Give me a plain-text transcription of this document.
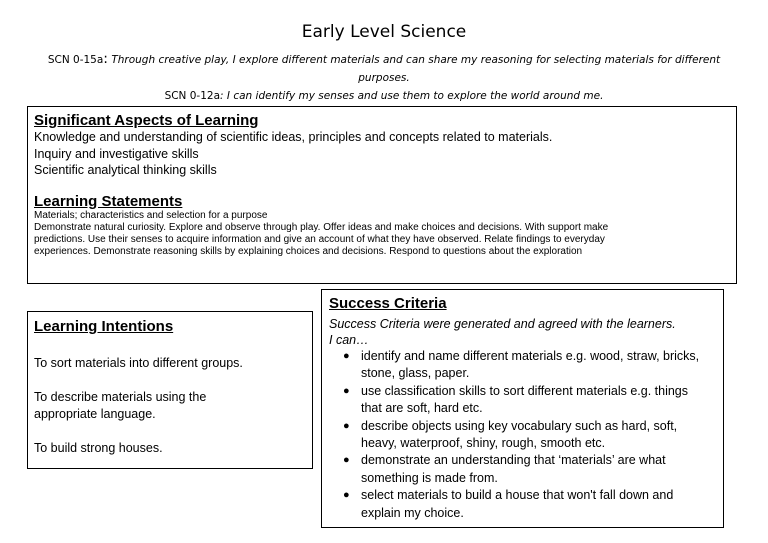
Early Level Science
SCN 0-15a: Through creative play, I explore different materials and can share my reasoning for selecting materials for different
purposes.
SCN 0-12a: I can identify my senses and use them to explore the world around me.

Significant Aspects of Learning

Knowledge and understanding of scientific ideas, principles and concepts related to materials.

Inquiry and investigative skills

Scientific analytical thinking skills

Learning Statements

Materials; characteristics and selection for a purpose

Demonstrate natural curiosity. Explore and observe through play. Offer ideas and make choices and decisions. With support make

predictions. Use their senses to acquire information and give an account of what they have observed. Relate findings to everyday

experiences. Demonstrate reasoning skills by explaining choices and decisions. Respond to questions about the exploration

Learning Intentions

To sort materials into different groups.

To describe materials using the

appropriate language.

To build strong houses.

Success Criteria

Success Criteria were generated and agreed with the learners.

I can…

● identify and name different materials e.g. wood, straw, bricks,
stone, glass, paper.
● use classification skills to sort different materials e.g. things
that are soft, hard etc.
● describe objects using key vocabulary such as hard, soft,
heavy, waterproof, shiny, rough, smooth etc.
● demonstrate an understanding that ‘materials’ are what
something is made from.
● select materials to build a house that won't fall down and
explain my choice.
